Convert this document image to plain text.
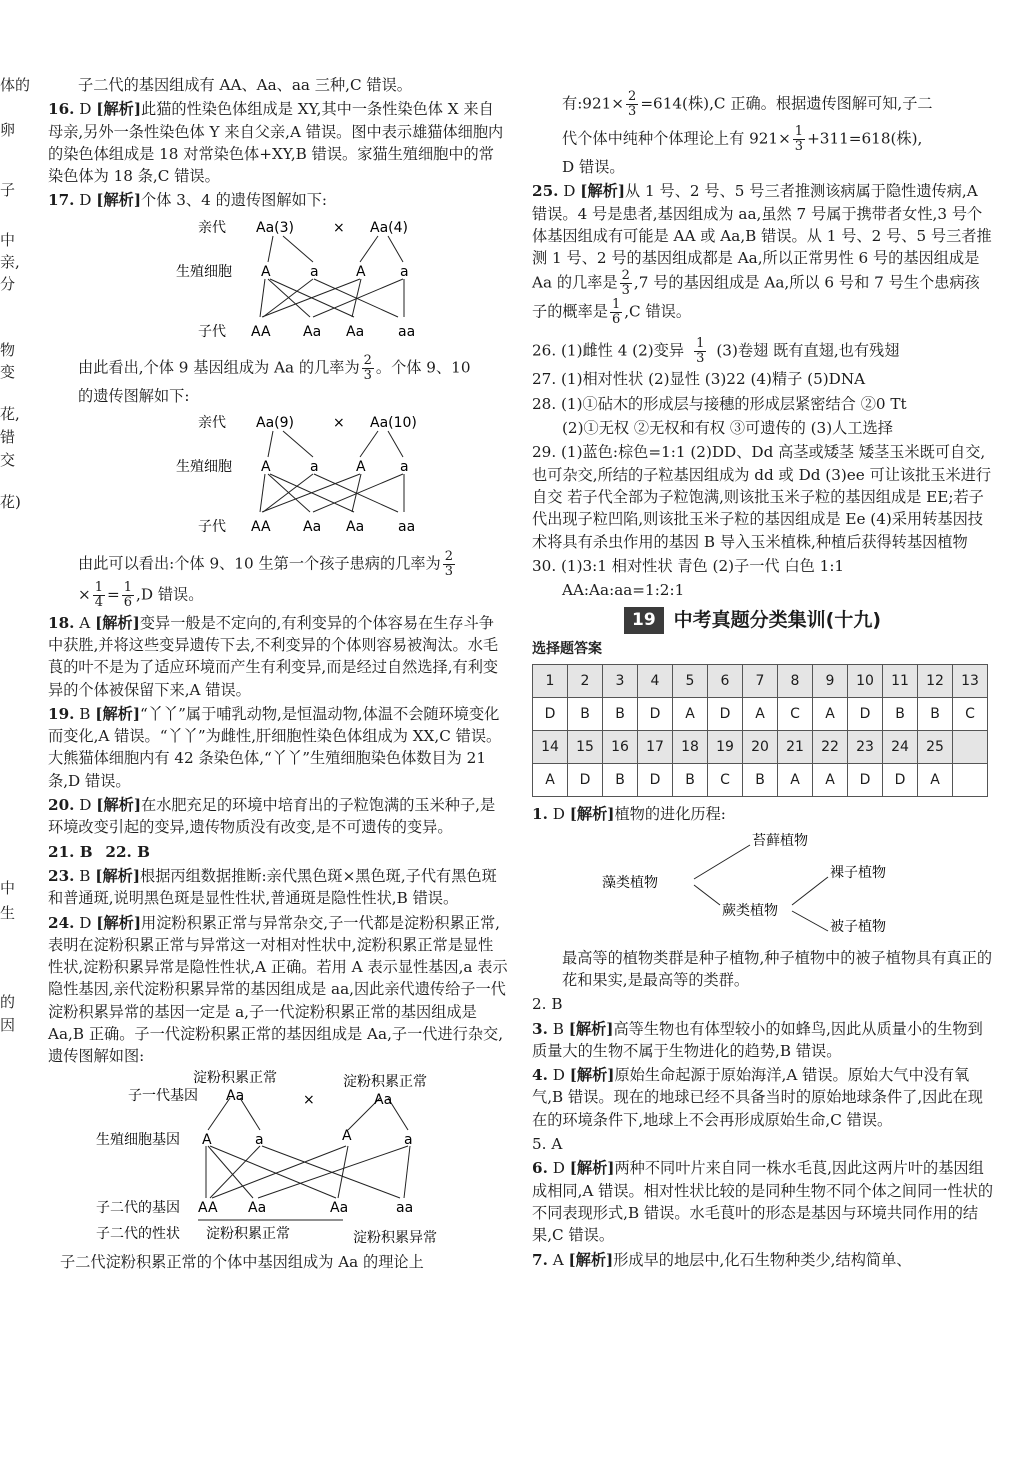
体的
卵
子
中
亲,
分
物
变
花,
错
交
花)
中
生
的
因

子二代的基因组成有 AA、Aa、aa 三种,C 错误。

16. D [解析]此猫的性染色体组成是 XY,其中一条性染色体 X 来自母亲,另外一条性染色体 Y 来自父亲,A 错误。图中表示雄猫体细胞内的染色体组成是 18 对常染色体+XY,B 错误。家猫生殖细胞中的常染色体为 18 条,C 错误。

17. D [解析]个体 3、4 的遗传图解如下:

亲代 Aa(3)	× Aa(4)
生殖细胞 A	a	A a
子代 AA Aa Aa aa

由此看出,个体 9 基因组成为 Aa 的几率为 $\frac{2}{3}$ 。个体 9、10

的遗传图解如下:

亲代 Aa(9)	× Aa(10)
生殖细胞 A	a	A a
子代 AA Aa Aa aa

由此可以看出:个体 9、10 生第一个孩子患病的几率为 $\frac{2}{3}$

× $\frac{1}{4} = \frac{1}{6} ,D$ 错误。

18. A [解析]变异一般是不定向的,有利变异的个体容易在生存斗争中获胜,并将这些变异遗传下去,不利变异的个体则容易被淘汰。水毛茛的叶不是为了适应环境而产生有利变异,而是经过自然选择,有利变异的个体被保留下来,A 错误。

19. B [解析]“丫丫”属于哺乳动物,是恒温动物,体温不会随环境变化而变化,A 错误。“丫丫”为雌性,肝细胞性染色体组成为 XX,C 错误。大熊猫体细胞内有 42 条染色体,“丫丫”生殖细胞染色体数目为 21 条,D 错误。

20. D [解析]在水肥充足的环境中培育出的子粒饱满的玉米种子,是环境改变引起的变异,遗传物质没有改变,是不可遗传的变异。

21. B 22. B

23. B [解析]根据丙组数据推断:亲代黑色斑×黑色斑,子代有黑色斑和普通斑,说明黑色斑是显性性状,普通斑是隐性性状,B 错误。

24. D [解析]用淀粉积累正常与异常杂交,子一代都是淀粉积累正常,表明在淀粉积累正常与异常这一对相对性状中,淀粉积累正常是显性性状,淀粉积累异常是隐性性状,A 正确。若用 A 表示显性基因,a 表示隐性基因,亲代淀粉积累异常的基因组成是 aa,因此亲代遗传给子一代淀粉积累异常的基因一定是 a,子一代淀粉积累正常的基因组成是 Aa,B 正确。子一代淀粉积累正常的基因组成是 Aa,子一代进行杂交,遗传图解如图:

淀粉积累正常	淀粉积累正常
子一代基因 Aa	×	Aa
生殖细胞基因 A	a	A	a
子二代的基因 AA Aa	Aa	aa
子二代的性状 淀粉积累正常	淀粉积累异常

子二代淀粉积累正常的个体中基因组成为 Aa 的理论上

有:921× $\frac{2}{3} =614$(株),C 正确。根据遗传图解可知,子二

代个体中纯种个体理论上有 $921\times \frac{1}{3} +311=618$(株),

D 错误。

25. D [解析]从 1 号、2 号、5 号三者推测该病属于隐性遗传病,A 错误。4 号是患者,基因组成为 aa,虽然 7 号属于携带者女性,3 号个体基因组成有可能是 AA 或 Aa,B 错误。从 1 号、2 号、5 号三者推测 1 号、2 号的基因组成都是 Aa,所以正常男性 6 号的基因组成是 Aa 的几率是 $\frac{2}{3} ,7$ 号的基因组成是 Aa,所以 6 号和 7 号生个患病孩子的概率是 $\frac{1}{6} ,C$ 错误。

26. (1)雌性 4 (2)变异 $\frac{1}{3} (3)$卷翅 既有直翅,也有残翅

27. (1)相对性状 (2)显性 (3)22 (4)精子 (5)DNA

28. (1)①砧木的形成层与接穗的形成层紧密结合 ②0 Tt

(2)①无权 ②无权和有权 ③可遗传的 (3)人工选择

29. (1)蓝色:棕色=1:1 (2)DD、Dd 高茎或矮茎 矮茎玉米既可自交,也可杂交,所结的子粒基因组成为 dd 或 Dd (3)ee 可让该批玉米进行自交 若子代全部为子粒饱满,则该批玉米子粒的基因组成是 EE;若子代出现子粒凹陷,则该批玉米子粒的基因组成是 Ee (4)采用转基因技术将具有杀虫作用的基因 B 导入玉米植株,种植后获得转基因植物

30. (1)3:1 相对性状 青色 (2)子一代 白色 1:1

AA:Aa:aa=1:2:1

19 中考真题分类集训(十九)
选择题答案
1	2	3	4	5	6	7	8	9	10	11	12	13
D	B	B	D	A	D	A	C	A	D	B	B	C
14	15	16	17	18	19	20	21	22	23	24	25	
A	D	B	D	B	C	B	A	A	D	D	A	

1. D [解析]植物的进化历程:

藻类植物
苔藓植物
蕨类植物
裸子植物
被子植物

最高等的植物类群是种子植物,种子植物中的被子植物具有真正的花和果实,是最高等的类群。

2. B

3. B [解析]高等生物也有体型较小的如蜂鸟,因此从质量小的生物到质量大的生物不属于生物进化的趋势,B 错误。

4. D [解析]原始生命起源于原始海洋,A 错误。原始大气中没有氧气,B 错误。现在的地球已经不具备当时的原始地球条件了,因此在现在的环境条件下,地球上不会再形成原始生命,C 错误。

5. A

6. D [解析]两种不同叶片来自同一株水毛茛,因此这两片叶的基因组成相同,A 错误。相对性状比较的是同种生物不同个体之间同一性状的不同表现形式,B 错误。水毛茛叶的形态是基因与环境共同作用的结果,C 错误。

7. A [解析]形成早的地层中,化石生物种类少,结构简单、
